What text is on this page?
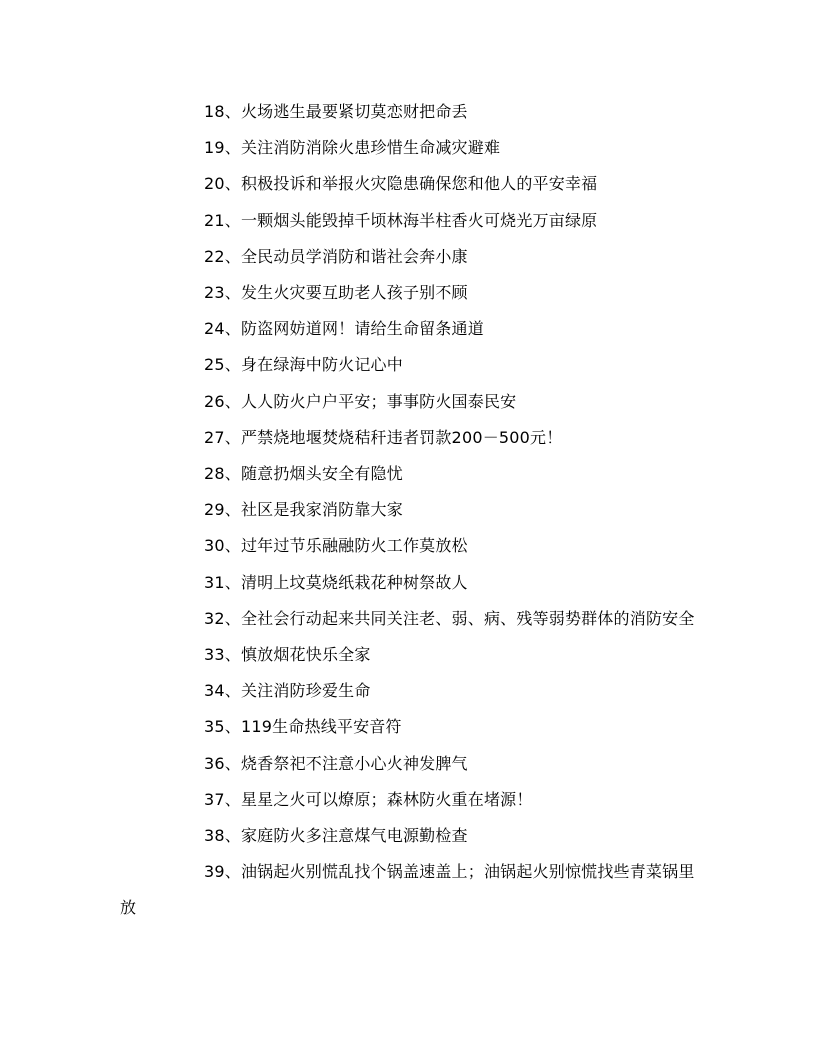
18、火场逃生最要紧切莫恋财把命丢

19、关注消防消除火患珍惜生命减灾避难

20、积极投诉和举报火灾隐患确保您和他人的平安幸福

21、一颗烟头能毁掉千顷林海半柱香火可烧光万亩绿原

22、全民动员学消防和谐社会奔小康

23、发生火灾要互助老人孩子别不顾

24、防盗网妨道网！请给生命留条通道

25、身在绿海中防火记心中

26、人人防火户户平安；事事防火国泰民安

27、严禁烧地堰焚烧秸秆违者罚款200－500元！

28、随意扔烟头安全有隐忧

29、社区是我家消防靠大家

30、过年过节乐融融防火工作莫放松

31、清明上坟莫烧纸栽花种树祭故人

32、全社会行动起来共同关注老、弱、病、残等弱势群体的消防安全

33、慎放烟花快乐全家

34、关注消防珍爱生命

35、119生命热线平安音符

36、烧香祭祀不注意小心火神发脾气

37、星星之火可以燎原；森林防火重在堵源！

38、家庭防火多注意煤气电源勤检查

39、油锅起火别慌乱找个锅盖速盖上；油锅起火别惊慌找些青菜锅里放
